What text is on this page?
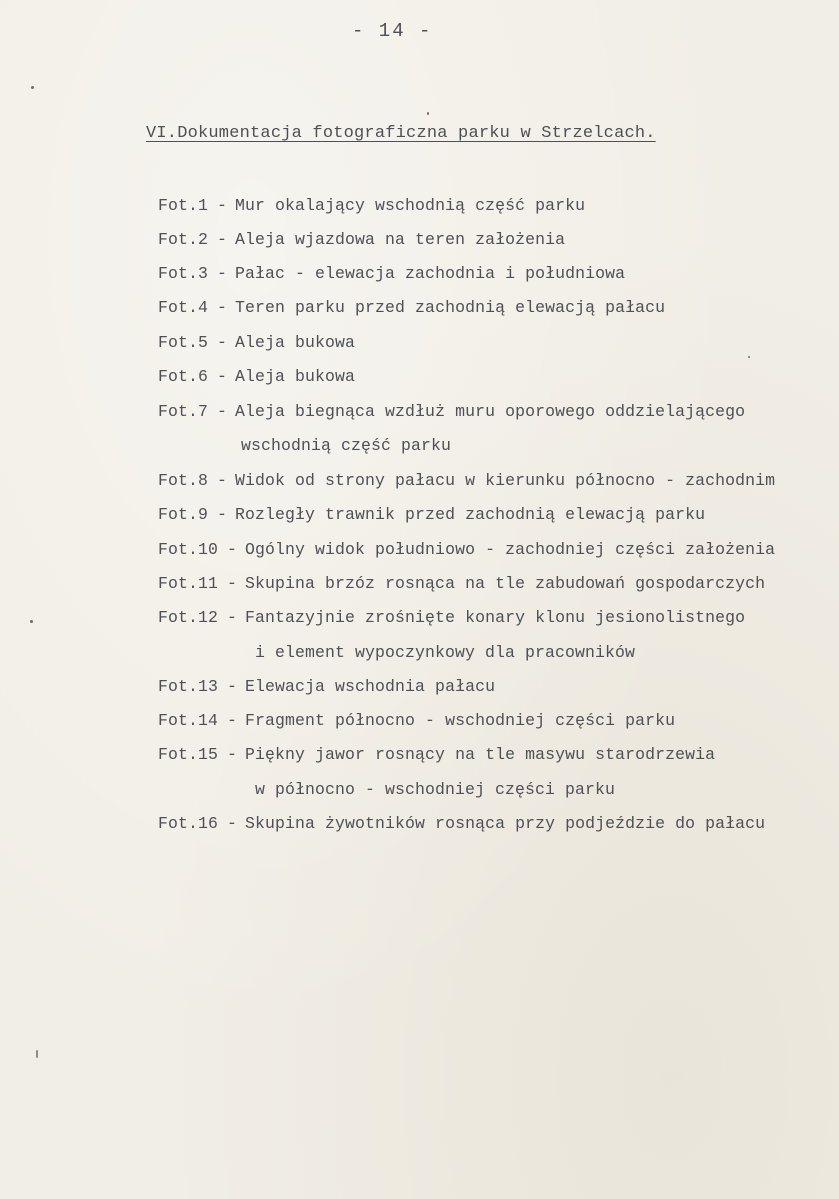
- 14 -
VI.Dokumentacja fotograficzna parku w Strzelcach.
Fot.1 - Mur okalający wschodnią część parku
Fot.2 - Aleja wjazdowa na teren założenia
Fot.3 - Pałac - elewacja zachodnia i południowa
Fot.4 - Teren parku przed zachodnią elewacją pałacu
Fot.5 - Aleja bukowa
Fot.6 - Aleja bukowa
Fot.7 - Aleja biegnąca wzdłuż muru oporowego oddzielającego
wschodnią część parku
Fot.8 - Widok od strony pałacu w kierunku północno - zachodnim
Fot.9 - Rozległy trawnik przed zachodnią elewacją parku
Fot.10 - Ogólny widok południowo - zachodniej części założenia
Fot.11 - Skupina brzóz rosnąca na tle zabudowań gospodarczych
Fot.12 - Fantazyjnie zrośnięte konary klonu jesionolistnego
i element wypoczynkowy dla pracowników
Fot.13 - Elewacja wschodnia pałacu
Fot.14 - Fragment północno - wschodniej części parku
Fot.15 - Piękny jawor rosnący na tle masywu starodrzewia
w północno - wschodniej części parku
Fot.16 - Skupina żywotników rosnąca przy podjeździe do pałacu
